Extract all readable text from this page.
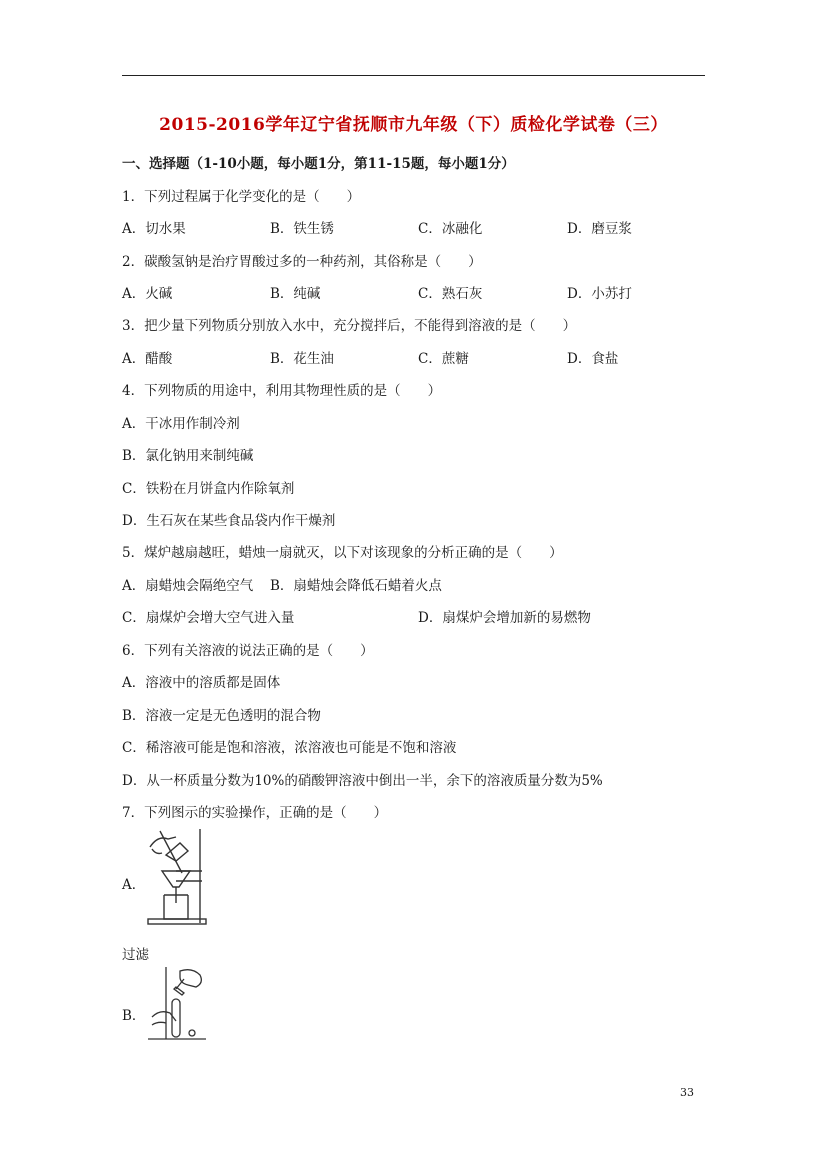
2015-2016学年辽宁省抚顺市九年级（下）质检化学试卷（三）
一、选择题（1-10小题，每小题1分，第11-15题，每小题1分）
1．下列过程属于化学变化的是（　　）
A．切水果	B．铁生锈	C．冰融化	D．磨豆浆
2．碳酸氢钠是治疗胃酸过多的一种药剂，其俗称是（　　）
A．火碱	B．纯碱	C．熟石灰	D．小苏打
3．把少量下列物质分别放入水中，充分搅拌后，不能得到溶液的是（　　）
A．醋酸	B．花生油	C．蔗糖	D．食盐
4．下列物质的用途中，利用其物理性质的是（　　）
A．干冰用作制冷剂
B．氯化钠用来制纯碱
C．铁粉在月饼盒内作除氧剂
D．生石灰在某些食品袋内作干燥剂
5．煤炉越扇越旺，蜡烛一扇就灭，以下对该现象的分析正确的是（　　）
A．扇蜡烛会隔绝空气 B．扇蜡烛会降低石蜡着火点
C．扇煤炉会增大空气进入量	D．扇煤炉会增加新的易燃物
6．下列有关溶液的说法正确的是（　　）
A．溶液中的溶质都是固体
B．溶液一定是无色透明的混合物
C．稀溶液可能是饱和溶液，浓溶液也可能是不饱和溶液
D．从一杯质量分数为10%的硝酸钾溶液中倒出一半，余下的溶液质量分数为5%
7．下列图示的实验操作，正确的是（　　）
A．
过滤
B．
33
